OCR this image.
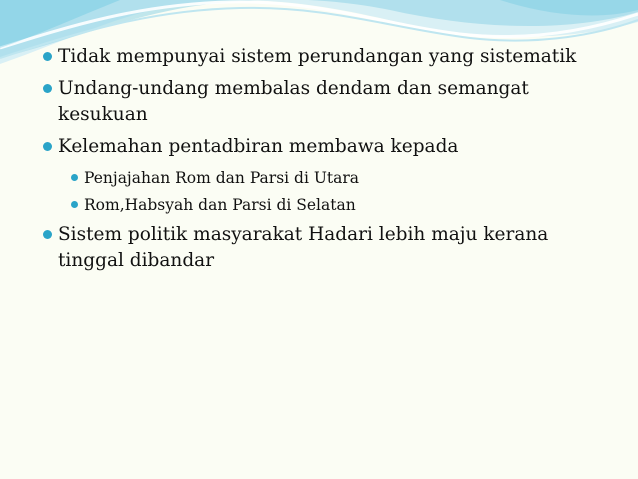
Tidak mempunyai sistem perundangan yang sistematik
Undang-undang membalas dendam dan semangat kesukuan
Kelemahan pentadbiran membawa kepada
Penjajahan Rom dan Parsi di Utara
Rom,Habsyah dan Parsi di Selatan
Sistem politik masyarakat Hadari lebih maju kerana tinggal dibandar
